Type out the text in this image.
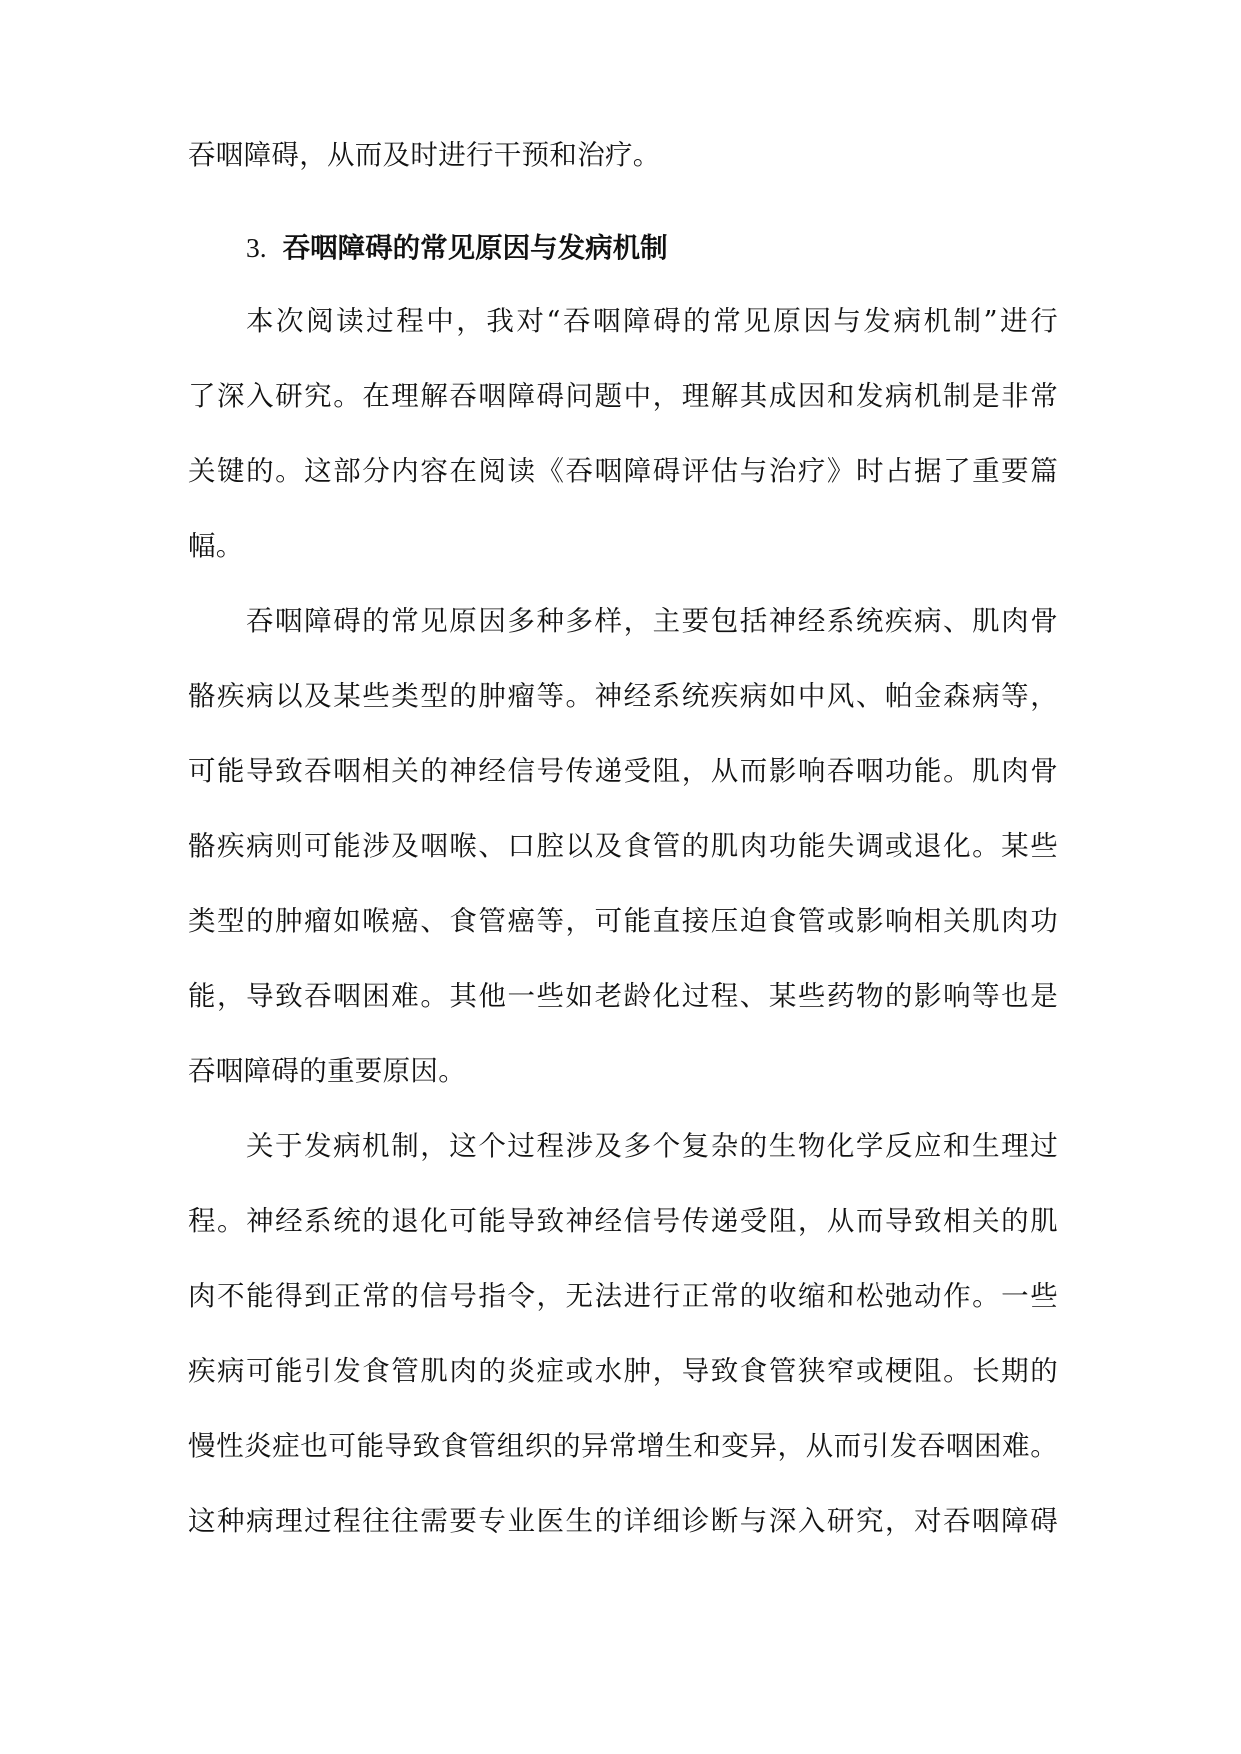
吞咽障碍，从而及时进行干预和治疗。
3. 吞咽障碍的常见原因与发病机制
本次阅读过程中，我对“吞咽障碍的常见原因与发病机制”进行
了深入研究。在理解吞咽障碍问题中，理解其成因和发病机制是非常
关键的。这部分内容在阅读《吞咽障碍评估与治疗》时占据了重要篇
幅。
吞咽障碍的常见原因多种多样，主要包括神经系统疾病、肌肉骨
骼疾病以及某些类型的肿瘤等。神经系统疾病如中风、帕金森病等，
可能导致吞咽相关的神经信号传递受阻，从而影响吞咽功能。肌肉骨
骼疾病则可能涉及咽喉、口腔以及食管的肌肉功能失调或退化。某些
类型的肿瘤如喉癌、食管癌等，可能直接压迫食管或影响相关肌肉功
能，导致吞咽困难。其他一些如老龄化过程、某些药物的影响等也是
吞咽障碍的重要原因。
关于发病机制，这个过程涉及多个复杂的生物化学反应和生理过
程。神经系统的退化可能导致神经信号传递受阻，从而导致相关的肌
肉不能得到正常的信号指令，无法进行正常的收缩和松弛动作。一些
疾病可能引发食管肌肉的炎症或水肿，导致食管狭窄或梗阻。长期的
慢性炎症也可能导致食管组织的异常增生和变异，从而引发吞咽困难。
这种病理过程往往需要专业医生的详细诊断与深入研究，对吞咽障碍
